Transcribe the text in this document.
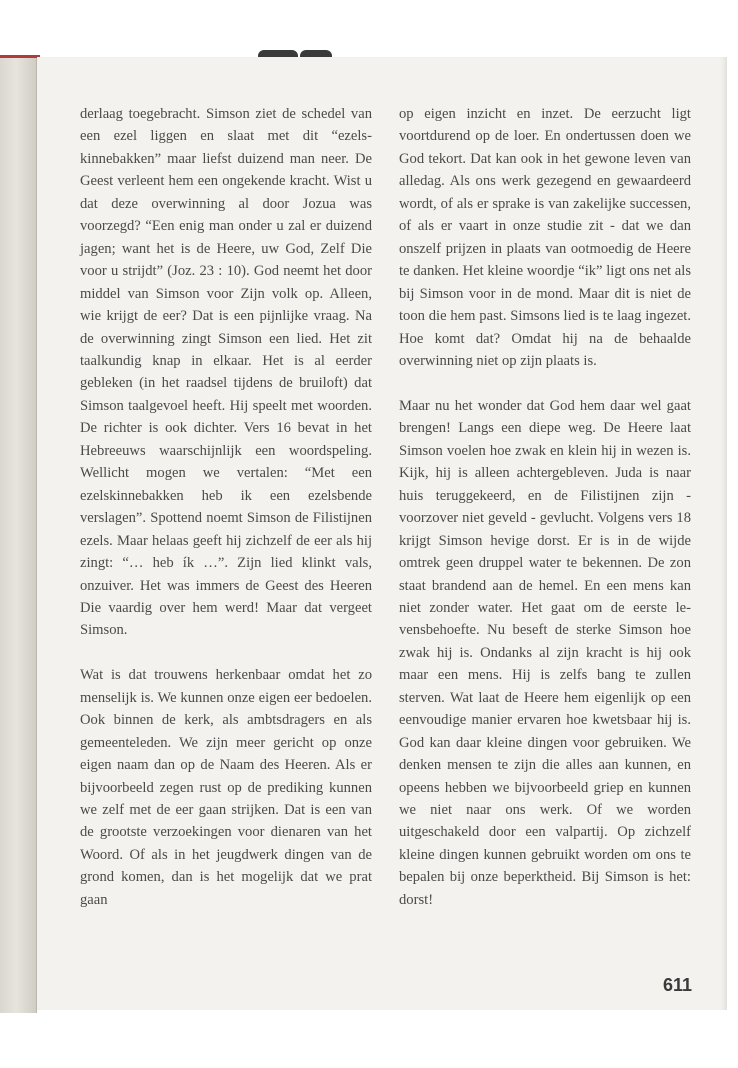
derlaag toegebracht. Simson ziet de schedel van een ezel liggen en slaat met dit “ezelskinnebakken” maar liefst duizend man neer. De Geest verleent hem een ongekende kracht. Wist u dat deze overwinning al door Jozua was voorzegd? “Een enig man onder u zal er duizend jagen; want het is de Heere, uw God, Zelf Die voor u strijdt” (Joz. 23 : 10). God neemt het door middel van Simson voor Zijn volk op. Alleen, wie krijgt de eer? Dat is een pijnlijke vraag. Na de overwinning zingt Simson een lied. Het zit taalkundig knap in elkaar. Het is al eerder gebleken (in het raadsel tijdens de bruiloft) dat Simson taalgevoel heeft. Hij speelt met woorden. De richter is ook dichter. Vers 16 bevat in het Hebreeuws waarschijnlijk een woordspeling. Wellicht mogen we vertalen: “Met een ezelskinnebakken heb ik een ezelsbende verslagen”. Spottend noemt Simson de Filistijnen ezels. Maar helaas geeft hij zichzelf de eer als hij zingt: “… heb ík …”. Zijn lied klinkt vals, onzuiver. Het was immers de Geest des Heeren Die vaardig over hem werd! Maar dat vergeet Simson.

Wat is dat trouwens herkenbaar omdat het zo menselijk is. We kunnen onze eigen eer bedoelen. Ook binnen de kerk, als ambtsdragers en als gemeenteleden. We zijn meer gericht op onze eigen naam dan op de Naam des Heeren. Als er bijvoorbeeld zegen rust op de prediking kunnen we zelf met de eer gaan strijken. Dat is een van de grootste verzoekingen voor dienaren van het Woord. Of als in het jeugdwerk dingen van de grond komen, dan is het mogelijk dat we prat gaan

op eigen inzicht en inzet. De eerzucht ligt voortdurend op de loer. En ondertussen doen we God tekort. Dat kan ook in het gewone leven van alledag. Als ons werk gezegend en gewaardeerd wordt, of als er sprake is van zakelijke successen, of als er vaart in onze studie zit - dat we dan onszelf prijzen in plaats van ootmoedig de Heere te danken. Het kleine woordje “ik” ligt ons net als bij Simson voor in de mond. Maar dit is niet de toon die hem past. Simsons lied is te laag ingezet. Hoe komt dat? Omdat hij na de behaalde overwinning niet op zijn plaats is.

Maar nu het wonder dat God hem daar wel gaat brengen! Langs een diepe weg. De Heere laat Simson voelen hoe zwak en klein hij in wezen is. Kijk, hij is alleen achtergebleven. Juda is naar huis teruggekeerd, en de Filistijnen zijn - voorzover niet geveld - gevlucht. Volgens vers 18 krijgt Simson hevige dorst. Er is in de wijde omtrek geen druppel water te bekennen. De zon staat brandend aan de hemel. En een mens kan niet zonder water. Het gaat om de eerste levensbehoefte. Nu beseft de sterke Simson hoe zwak hij is. Ondanks al zijn kracht is hij ook maar een mens. Hij is zelfs bang te zullen sterven. Wat laat de Heere hem eigenlijk op een eenvoudige manier ervaren hoe kwetsbaar hij is. God kan daar kleine dingen voor gebruiken. We denken mensen te zijn die alles aan kunnen, en opeens hebben we bijvoorbeeld griep en kunnen we niet naar ons werk. Of we worden uitgeschakeld door een valpartij. Op zichzelf kleine dingen kunnen gebruikt worden om ons te bepalen bij onze beperktheid. Bij Simson is het: dorst!

611
